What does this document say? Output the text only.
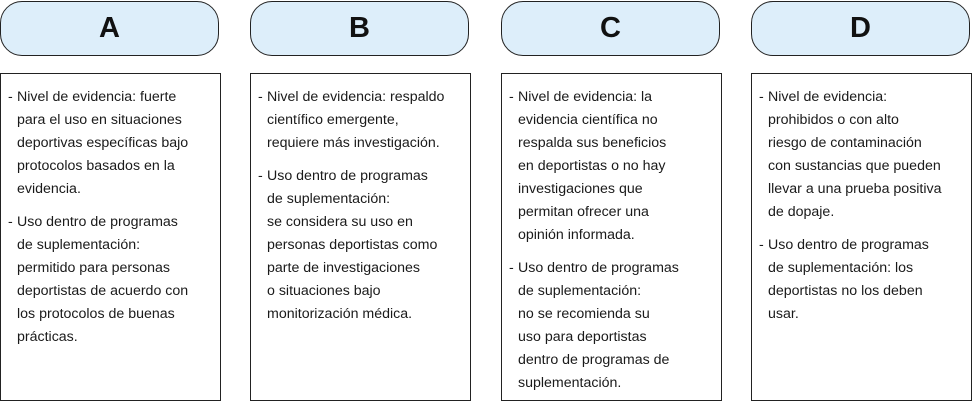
A
- Nivel de evidencia: fuerte
para el uso en situaciones
deportivas específicas bajo
protocolos basados en la
evidencia.
- Uso dentro de programas
de suplementación:
permitido para personas
deportistas de acuerdo con
los protocolos de buenas
prácticas.
B
- Nivel de evidencia: respaldo
científico emergente,
requiere más investigación.
- Uso dentro de programas
de suplementación:
se considera su uso en
personas deportistas como
parte de investigaciones
o situaciones bajo
monitorización médica.
C
- Nivel de evidencia: la
evidencia científica no
respalda sus beneficios
en deportistas o no hay
investigaciones que
permitan ofrecer una
opinión informada.
- Uso dentro de programas
de suplementación:
no se recomienda su
uso para deportistas
dentro de programas de
suplementación.
D
- Nivel de evidencia:
prohibidos o con alto
riesgo de contaminación
con sustancias que pueden
llevar a una prueba positiva
de dopaje.
- Uso dentro de programas
de suplementación: los
deportistas no los deben
usar.
